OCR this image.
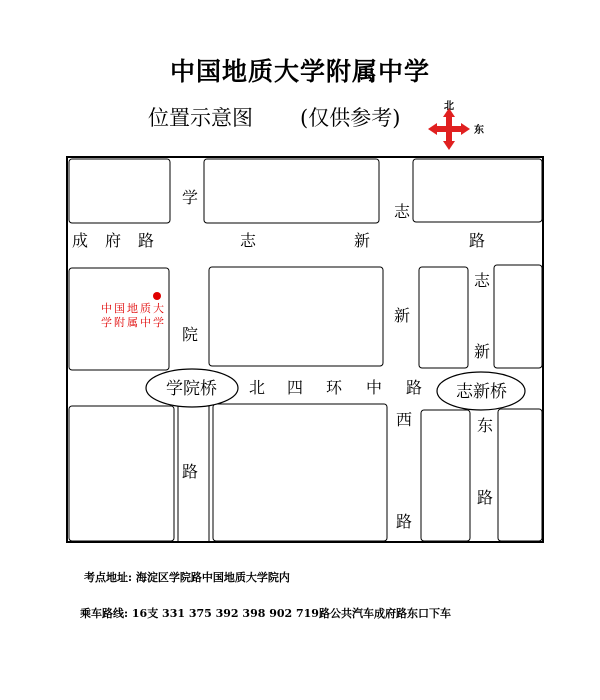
中国地质大学附属中学
位置示意图 (仅供参考)	北
东
成 府 路	志	新	路
学
院
路
志
新
志
新
北 四 环 中 路
西
路
东
路
学院桥	志新桥
中国地质大
学附属中学
考点地址: 海淀区学院路中国地质大学院内
乘车路线: 16支 331 375 392 398 902 719路公共汽车成府路东口下车
